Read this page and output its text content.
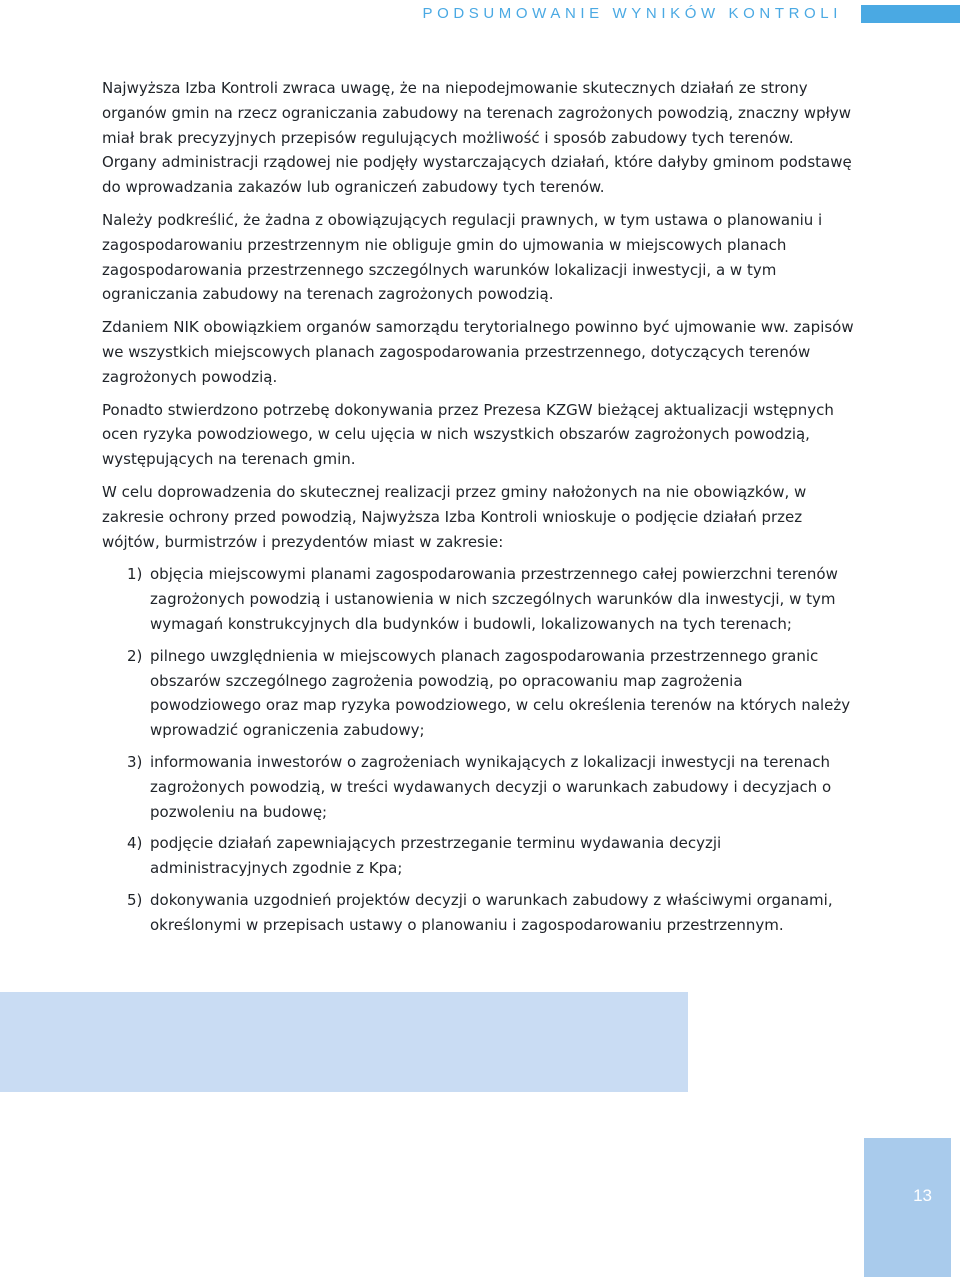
PODSUMOWANIE WYNIKÓW KONTROLI

Najwyższa Izba Kontroli zwraca uwagę, że na niepodejmowanie skutecznych działań ze strony organów gmin na rzecz ograniczania zabudowy na terenach zagrożonych powodzią, znaczny wpływ miał brak precyzyjnych przepisów regulujących możliwość i sposób zabudowy tych terenów.

Organy administracji rządowej nie podjęły wystarczających działań, które dałyby gminom podstawę do wprowadzania zakazów lub ograniczeń zabudowy tych terenów.

Należy podkreślić, że żadna z obowiązujących regulacji prawnych, w tym ustawa o planowaniu i zagospodarowaniu przestrzennym nie obliguje gmin do ujmowania w miejscowych planach zagospodarowania przestrzennego szczególnych warunków lokalizacji inwestycji, a w tym ograniczania zabudowy na terenach zagrożonych powodzią.

Zdaniem NIK obowiązkiem organów samorządu terytorialnego powinno być ujmowanie ww. zapisów we wszystkich miejscowych planach zagospodarowania przestrzennego, dotyczących terenów zagrożonych powodzią.

Ponadto stwierdzono potrzebę dokonywania przez Prezesa KZGW bieżącej aktualizacji wstępnych ocen ryzyka powodziowego, w celu ujęcia w nich wszystkich obszarów zagrożonych powodzią, występujących na terenach gmin.

W celu doprowadzenia do skutecznej realizacji przez gminy nałożonych na nie obowiązków, w zakresie ochrony przed powodzią, Najwyższa Izba Kontroli wnioskuje o podjęcie działań przez wójtów, burmistrzów i prezydentów miast w zakresie:

1) objęcia miejscowymi planami zagospodarowania przestrzennego całej powierzchni terenów zagrożonych powodzią i ustanowienia w nich szczególnych warunków dla inwestycji, w tym wymagań konstrukcyjnych dla budynków i budowli, lokalizowanych na tych terenach;
2) pilnego uwzględnienia w miejscowych planach zagospodarowania przestrzennego granic obszarów szczególnego zagrożenia powodzią, po opracowaniu map zagrożenia powodziowego oraz map ryzyka powodziowego, w celu określenia terenów na których należy wprowadzić ograniczenia zabudowy;
3) informowania inwestorów o zagrożeniach wynikających z lokalizacji inwestycji na terenach zagrożonych powodzią, w treści wydawanych decyzji o warunkach zabudowy i decyzjach o pozwoleniu na budowę;
4) podjęcie działań zapewniających przestrzeganie terminu wydawania decyzji administracyjnych zgodnie z Kpa;
5) dokonywania uzgodnień projektów decyzji o warunkach zabudowy z właściwymi organami, określonymi w przepisach ustawy o planowaniu i zagospodarowaniu przestrzennym.
13
